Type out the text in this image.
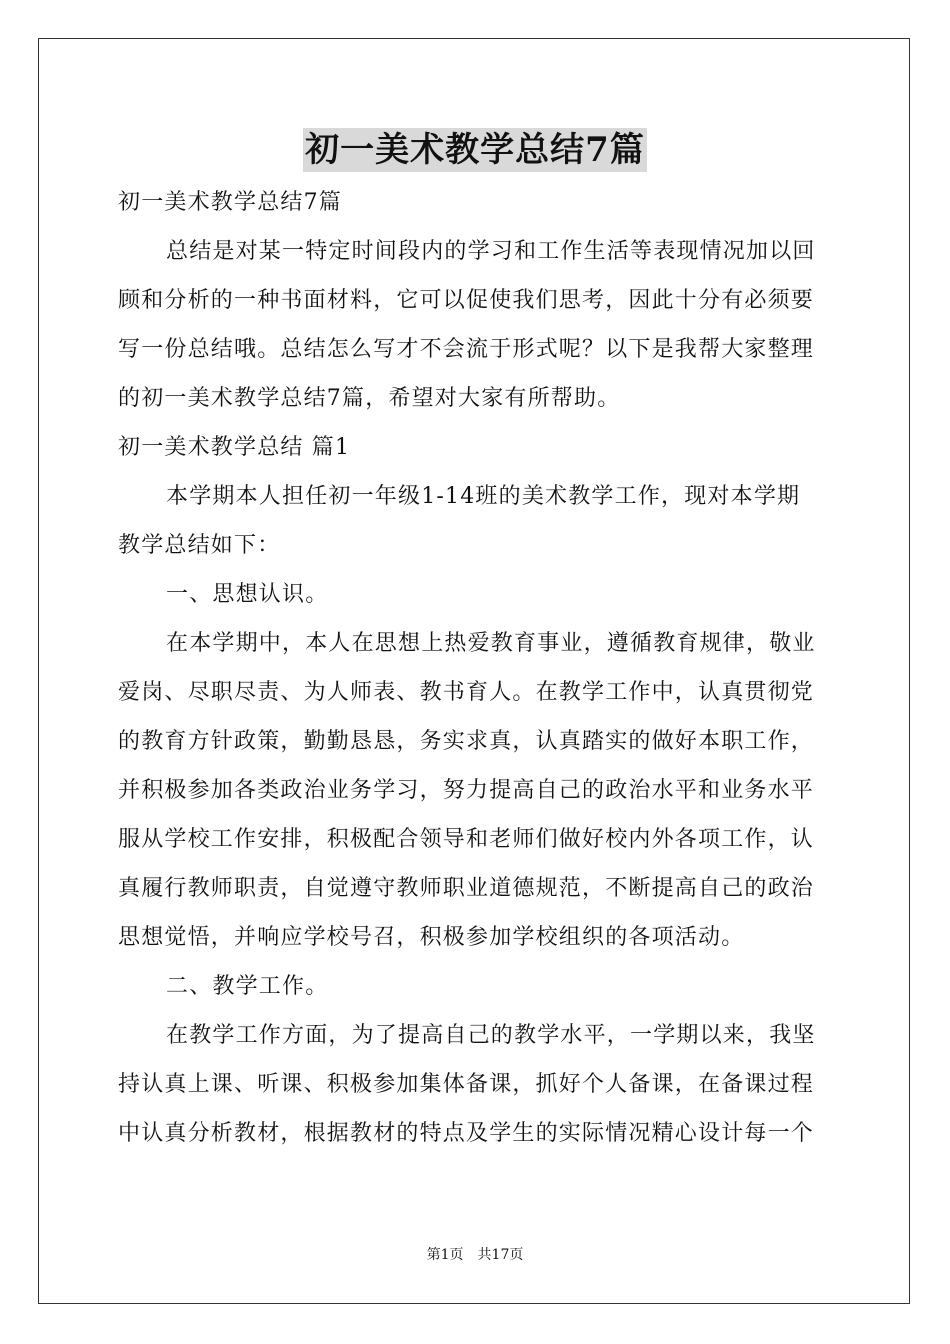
初一美术教学总结7篇
初一美术教学总结7篇
总结是对某一特定时间段内的学习和工作生活等表现情况加以回
顾和分析的一种书面材料，它可以促使我们思考，因此十分有必须要
写一份总结哦。总结怎么写才不会流于形式呢？以下是我帮大家整理
的初一美术教学总结7篇，希望对大家有所帮助。
初一美术教学总结 篇1
本学期本人担任初一年级1-14班的美术教学工作，现对本学期
教学总结如下：
一、思想认识。
在本学期中，本人在思想上热爱教育事业，遵循教育规律，敬业
爱岗、尽职尽责、为人师表、教书育人。在教学工作中，认真贯彻党
的教育方针政策，勤勤恳恳，务实求真，认真踏实的做好本职工作，
并积极参加各类政治业务学习，努力提高自己的政治水平和业务水平
服从学校工作安排，积极配合领导和老师们做好校内外各项工作，认
真履行教师职责，自觉遵守教师职业道德规范，不断提高自己的政治
思想觉悟，并响应学校号召，积极参加学校组织的各项活动。
二、教学工作。
在教学工作方面，为了提高自己的教学水平，一学期以来，我坚
持认真上课、听课、积极参加集体备课，抓好个人备课，在备课过程
中认真分析教材，根据教材的特点及学生的实际情况精心设计每一个
第1页　共17页
